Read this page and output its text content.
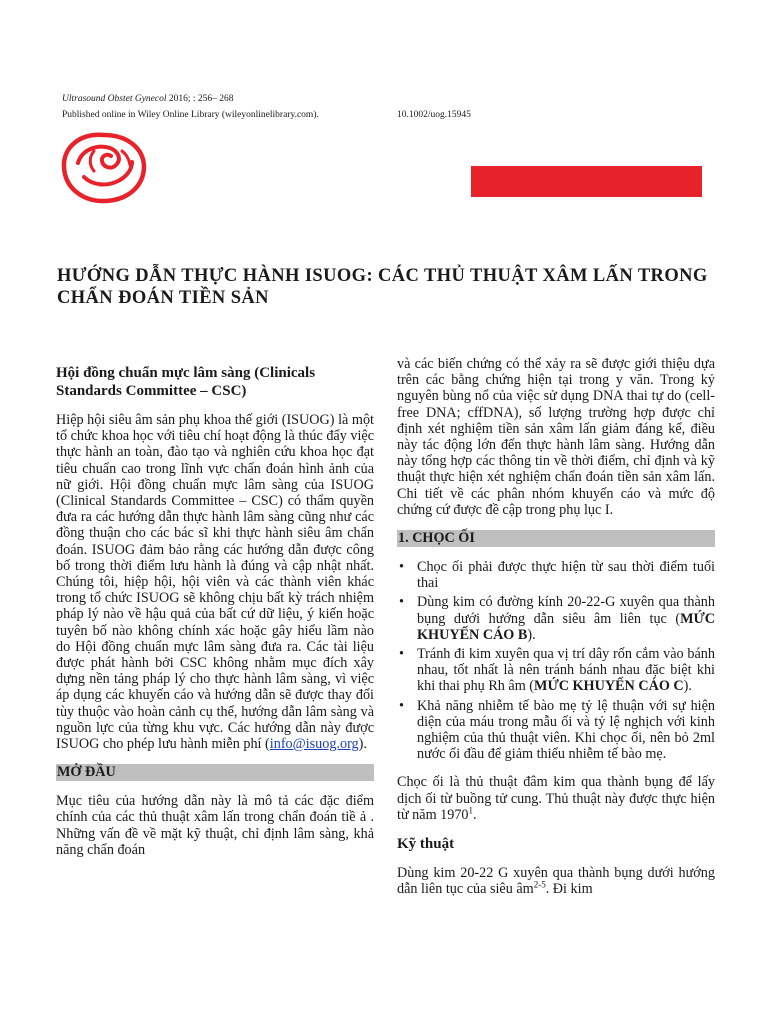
Ultrasound Obstet Gynecol 2016; : 256– 268
Published online in Wiley Online Library (wileyonlinelibrary.com).	10.1002/uog.15945
HƯỚNG DẪN THỰC HÀNH ISUOG: CÁC THỦ THUẬT XÂM LẤN TRONG CHẨN ĐOÁN TIỀN SẢN
Hội đồng chuẩn mực lâm sàng (Clinicals Standards Committee – CSC)

Hiệp hội siêu âm sản phụ khoa thế giới (ISUOG) là một tổ chức khoa học với tiêu chí hoạt động là thúc đẩy việc thực hành an toàn, đào tạo và nghiên cứu khoa học đạt tiêu chuẩn cao trong lĩnh vực chẩn đoán hình ảnh của nữ giới. Hội đồng chuẩn mực lâm sàng của ISUOG (Clinical Standards Committee – CSC) có thẩm quyền đưa ra các hướng dẫn thực hành lâm sàng cũng như các đồng thuận cho các bác sĩ khi thực hành siêu âm chẩn đoán. ISUOG đảm bảo rằng các hướng dẫn được công bố trong thời điểm lưu hành là đúng và cập nhật nhất. Chúng tôi, hiệp hội, hội viên và các thành viên khác trong tổ chức ISUOG sẽ không chịu bất kỳ trách nhiệm pháp lý nào về hậu quả của bất cứ dữ liệu, ý kiến hoặc tuyên bố nào không chính xác hoặc gây hiểu lầm nào do Hội đồng chuẩn mực lâm sàng đưa ra. Các tài liệu được phát hành bởi CSC không nhằm mục đích xây dựng nền tảng pháp lý cho thực hành lâm sàng, vì việc áp dụng các khuyến cáo và hướng dẫn sẽ được thay đổi tùy thuộc vào hoàn cảnh cụ thể, hướng dẫn lâm sàng và nguồn lực của từng khu vực. Các hướng dẫn này được ISUOG cho phép lưu hành miễn phí (info@isuog.org).

MỞ ĐẦU

Mục tiêu của hướng dẫn này là mô tả các đặc điểm chính của các thủ thuật xâm lấn trong chẩn đoán tiề ả . Những vấn đề về mặt kỹ thuật, chỉ định lâm sàng, khả năng chẩn đoán

và các biến chứng có thể xảy ra sẽ được giới thiệu dựa trên các bằng chứng hiện tại trong y văn. Trong kỷ nguyên bùng nổ của việc sử dụng DNA thai tự do (cell-free DNA; cffDNA), số lượng trường hợp được chỉ định xét nghiệm tiền sản xâm lấn giảm đáng kể, điều này tác động lớn đến thực hành lâm sàng. Hướng dẫn này tổng hợp các thông tin về thời điểm, chỉ định và kỹ thuật thực hiện xét nghiệm chẩn đoán tiền sản xâm lấn. Chi tiết về các phân nhóm khuyến cáo và mức độ chứng cứ được đề cập trong phụ lục I.

1. CHỌC ỐI
• Chọc ối phải được thực hiện từ sau thời điểm tuổi thai
• Dùng kim có đường kính 20-22-G xuyên qua thành bụng dưới hướng dẫn siêu âm liên tục (MỨC KHUYẾN CÁO B).
• Tránh đi kim xuyên qua vị trí dây rốn cắm vào bánh nhau, tốt nhất là nên tránh bánh nhau đặc biệt khi khi thai phụ Rh âm (MỨC KHUYẾN CÁO C).
• Khả năng nhiễm tế bào mẹ tỷ lệ thuận với sự hiện diện của máu trong mẫu ối và tỷ lệ nghịch với kinh nghiệm của thủ thuật viên. Khi chọc ối, nên bỏ 2ml nước ối đầu để giảm thiểu nhiễm tế bào mẹ.

Chọc ối là thủ thuật đâm kim qua thành bụng để lấy dịch ối từ buồng tử cung. Thủ thuật này được thực hiện từ năm 1970$^1$.

Kỹ thuật

Dùng kim 20-22 G xuyên qua thành bụng dưới hướng dẫn liên tục của siêu $âm^{2-5}$. Đi kim
